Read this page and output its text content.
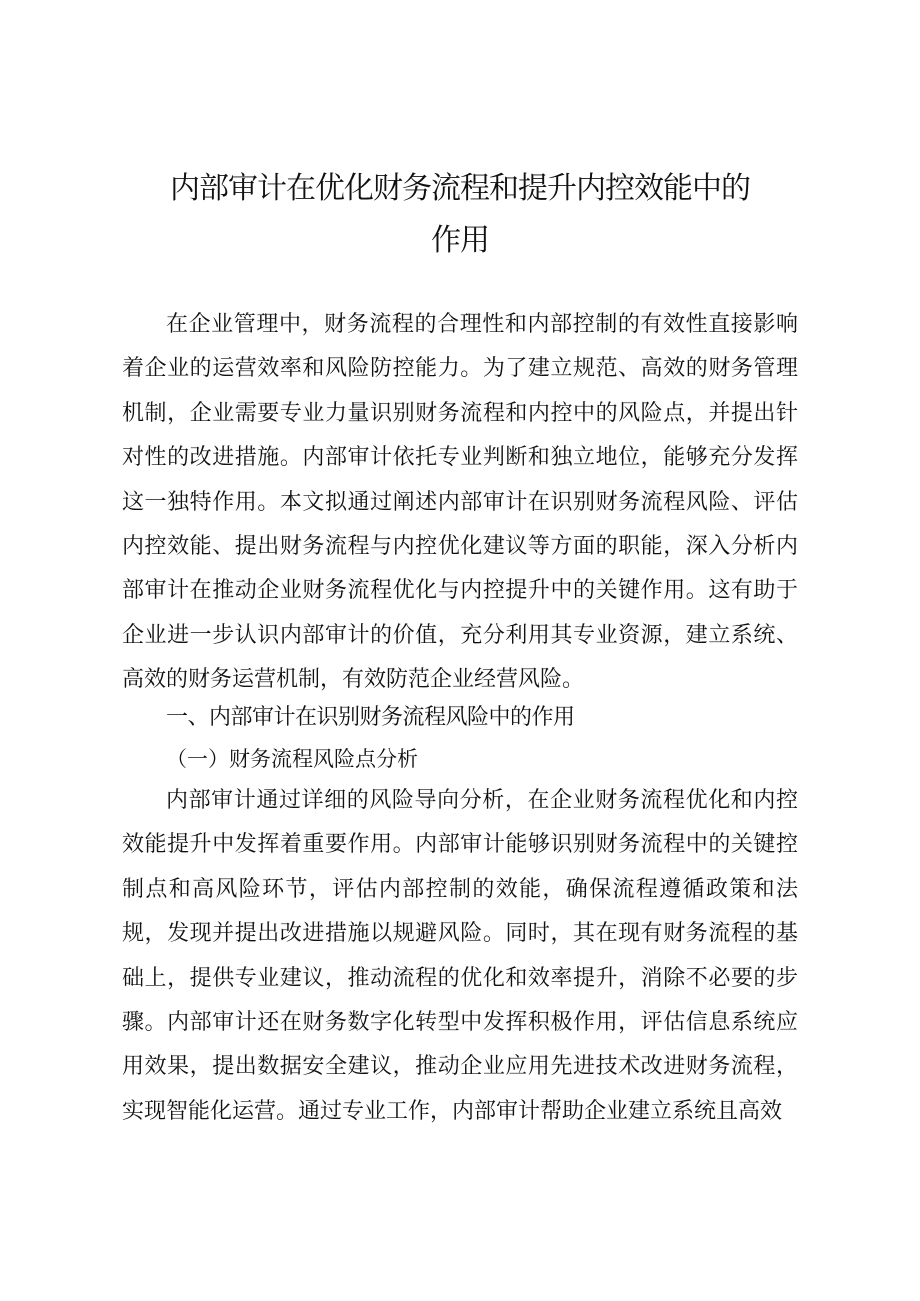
内部审计在优化财务流程和提升内控效能中的
作用

在企业管理中，财务流程的合理性和内部控制的有效性直接影响着企业的运营效率和风险防控能力。为了建立规范、高效的财务管理机制，企业需要专业力量识别财务流程和内控中的风险点，并提出针对性的改进措施。内部审计依托专业判断和独立地位，能够充分发挥这一独特作用。本文拟通过阐述内部审计在识别财务流程风险、评估内控效能、提出财务流程与内控优化建议等方面的职能，深入分析内部审计在推动企业财务流程优化与内控提升中的关键作用。这有助于企业进一步认识内部审计的价值，充分利用其专业资源，建立系统、高效的财务运营机制，有效防范企业经营风险。

一、内部审计在识别财务流程风险中的作用
（一）财务流程风险点分析

内部审计通过详细的风险导向分析，在企业财务流程优化和内控效能提升中发挥着重要作用。内部审计能够识别财务流程中的关键控制点和高风险环节，评估内部控制的效能，确保流程遵循政策和法规，发现并提出改进措施以规避风险。同时，其在现有财务流程的基础上，提供专业建议，推动流程的优化和效率提升，消除不必要的步骤。内部审计还在财务数字化转型中发挥积极作用，评估信息系统应用效果，提出数据安全建议，推动企业应用先进技术改进财务流程，实现智能化运营。通过专业工作，内部审计帮助企业建立系统且高效
